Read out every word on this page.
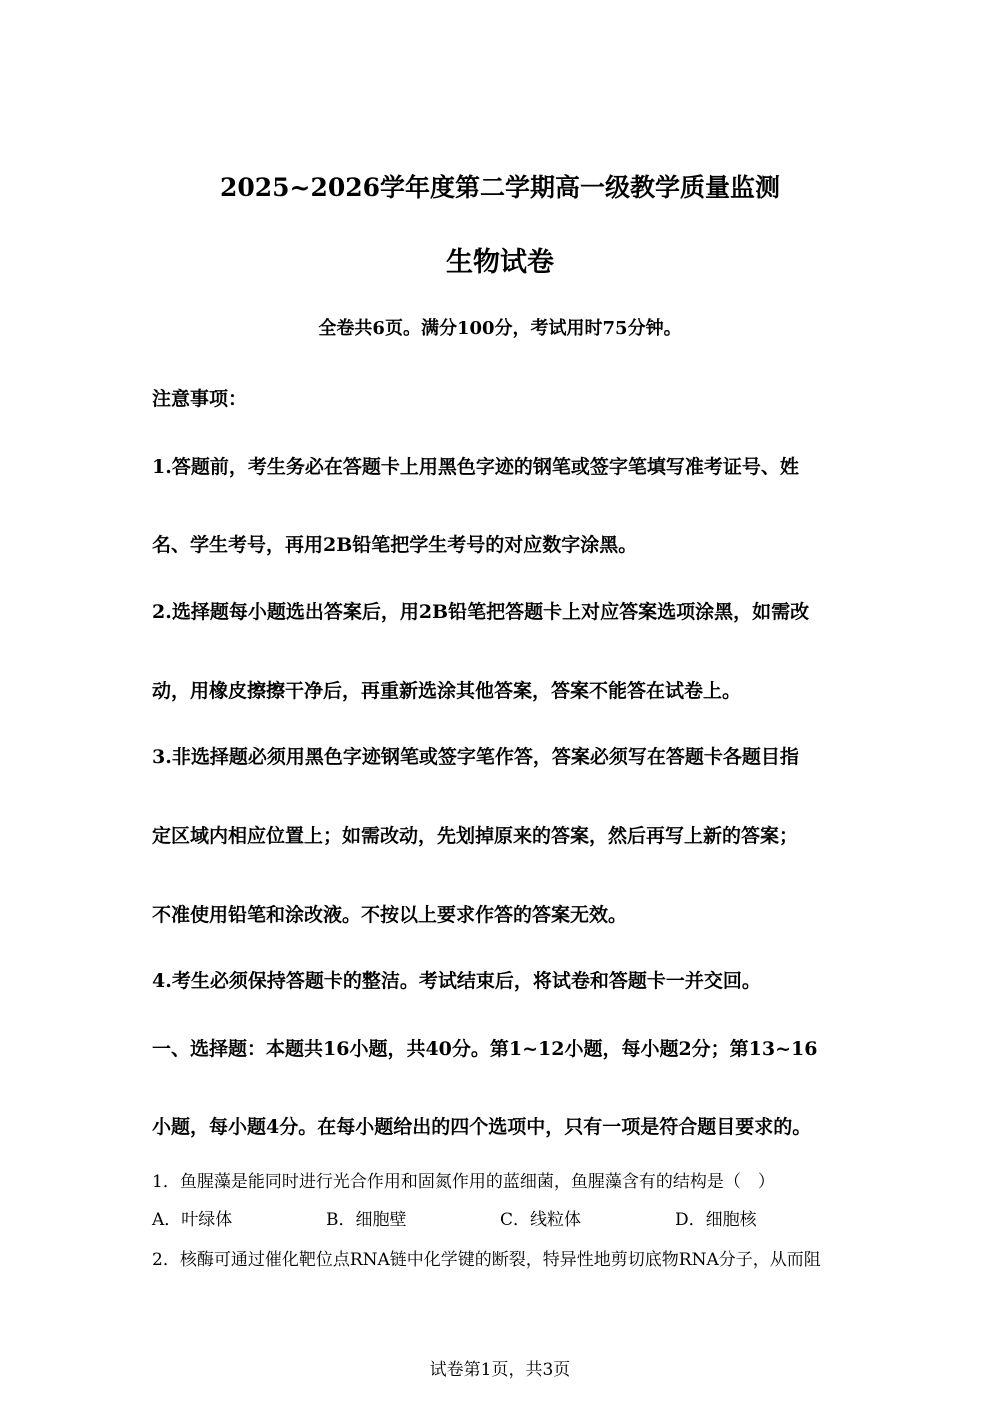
2025~2026学年度第二学期高一级教学质量监测
生物试卷
全卷共6页。满分100分，考试用时75分钟。
注意事项：
1.答题前，考生务必在答题卡上用黑色字迹的钢笔或签字笔填写准考证号、姓
名、学生考号，再用2B铅笔把学生考号的对应数字涂黑。
2.选择题每小题选出答案后，用2B铅笔把答题卡上对应答案选项涂黑，如需改
动，用橡皮擦擦干净后，再重新选涂其他答案，答案不能答在试卷上。
3.非选择题必须用黑色字迹钢笔或签字笔作答，答案必须写在答题卡各题目指
定区域内相应位置上；如需改动，先划掉原来的答案，然后再写上新的答案；
不准使用铅笔和涂改液。不按以上要求作答的答案无效。
4.考生必须保持答题卡的整洁。考试结束后，将试卷和答题卡一并交回。
一、选择题：本题共16小题，共40分。第1~12小题，每小题2分；第13~16
小题，每小题4分。在每小题给出的四个选项中，只有一项是符合题目要求的。
1．鱼腥藻是能同时进行光合作用和固氮作用的蓝细菌，鱼腥藻含有的结构是（　）
A．叶绿体	B．细胞壁	C．线粒体	D．细胞核
2．核酶可通过催化靶位点RNA链中化学键的断裂，特异性地剪切底物RNA分子，从而阻
试卷第1页，共3页
